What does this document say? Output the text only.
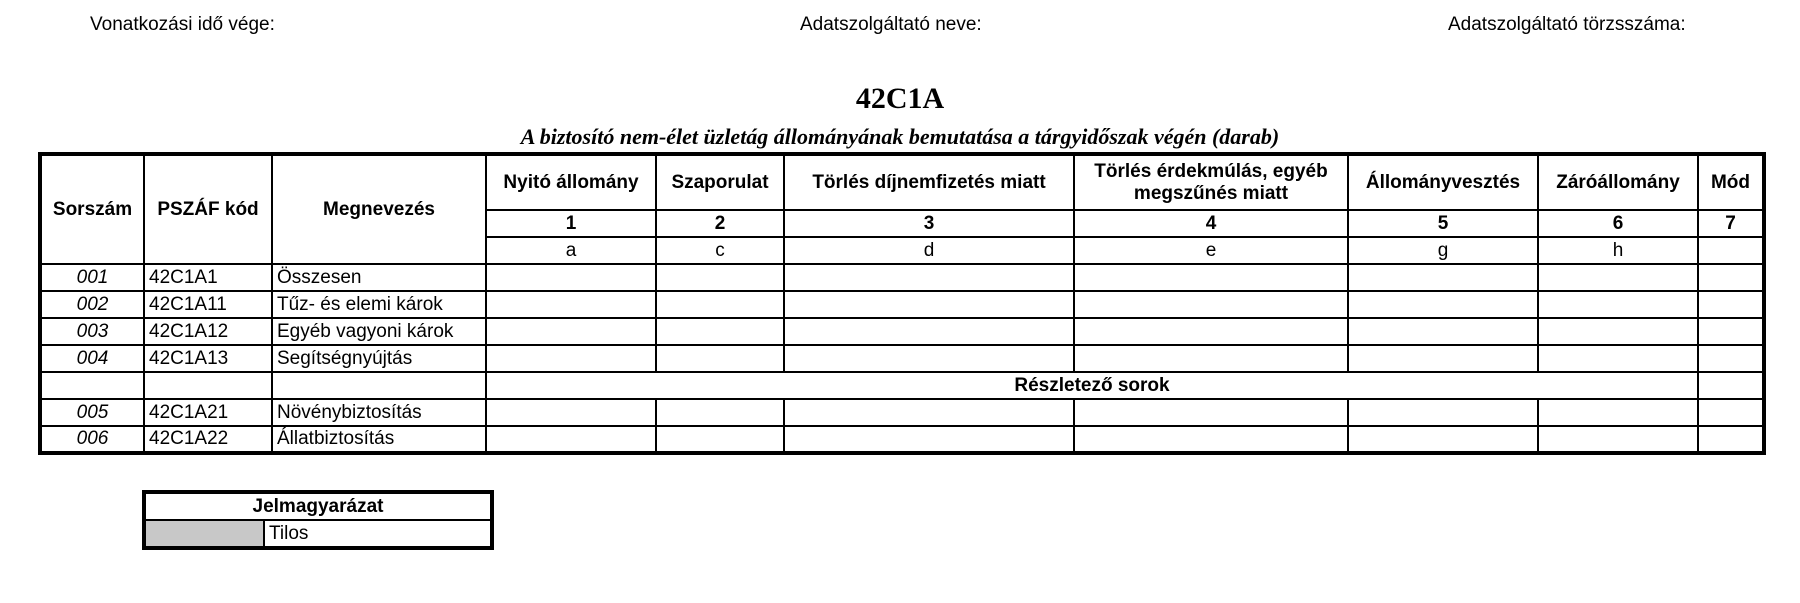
Vonatkozási idő vége:	Adatszolgáltató neve:	Adatszolgáltató törzsszáma:
42C1A
A biztosító nem-élet üzletág állományának bemutatása a tárgyidőszak végén (darab)
Sorszám	PSZÁF kód	Megnevezés	Nyitó állomány	Szaporulat	Törlés díjnemfizetés miatt	Törlés érdekmúlás, egyéb megszűnés miatt	Állományvesztés	Záróállomány	Mód
			1	2	3	4	5	6	7
			a	c	d	e	g	h	
001	42C1A1	Összesen							
002	42C1A11	Tűz- és elemi károk							
003	42C1A12	Egyéb vagyoni károk							
004	42C1A13	Segítségnyújtás							
			Részletező sorok						
005	42C1A21	Növénybiztosítás							
006	42C1A22	Állatbiztosítás							
Jelmagyarázat
	Tilos
